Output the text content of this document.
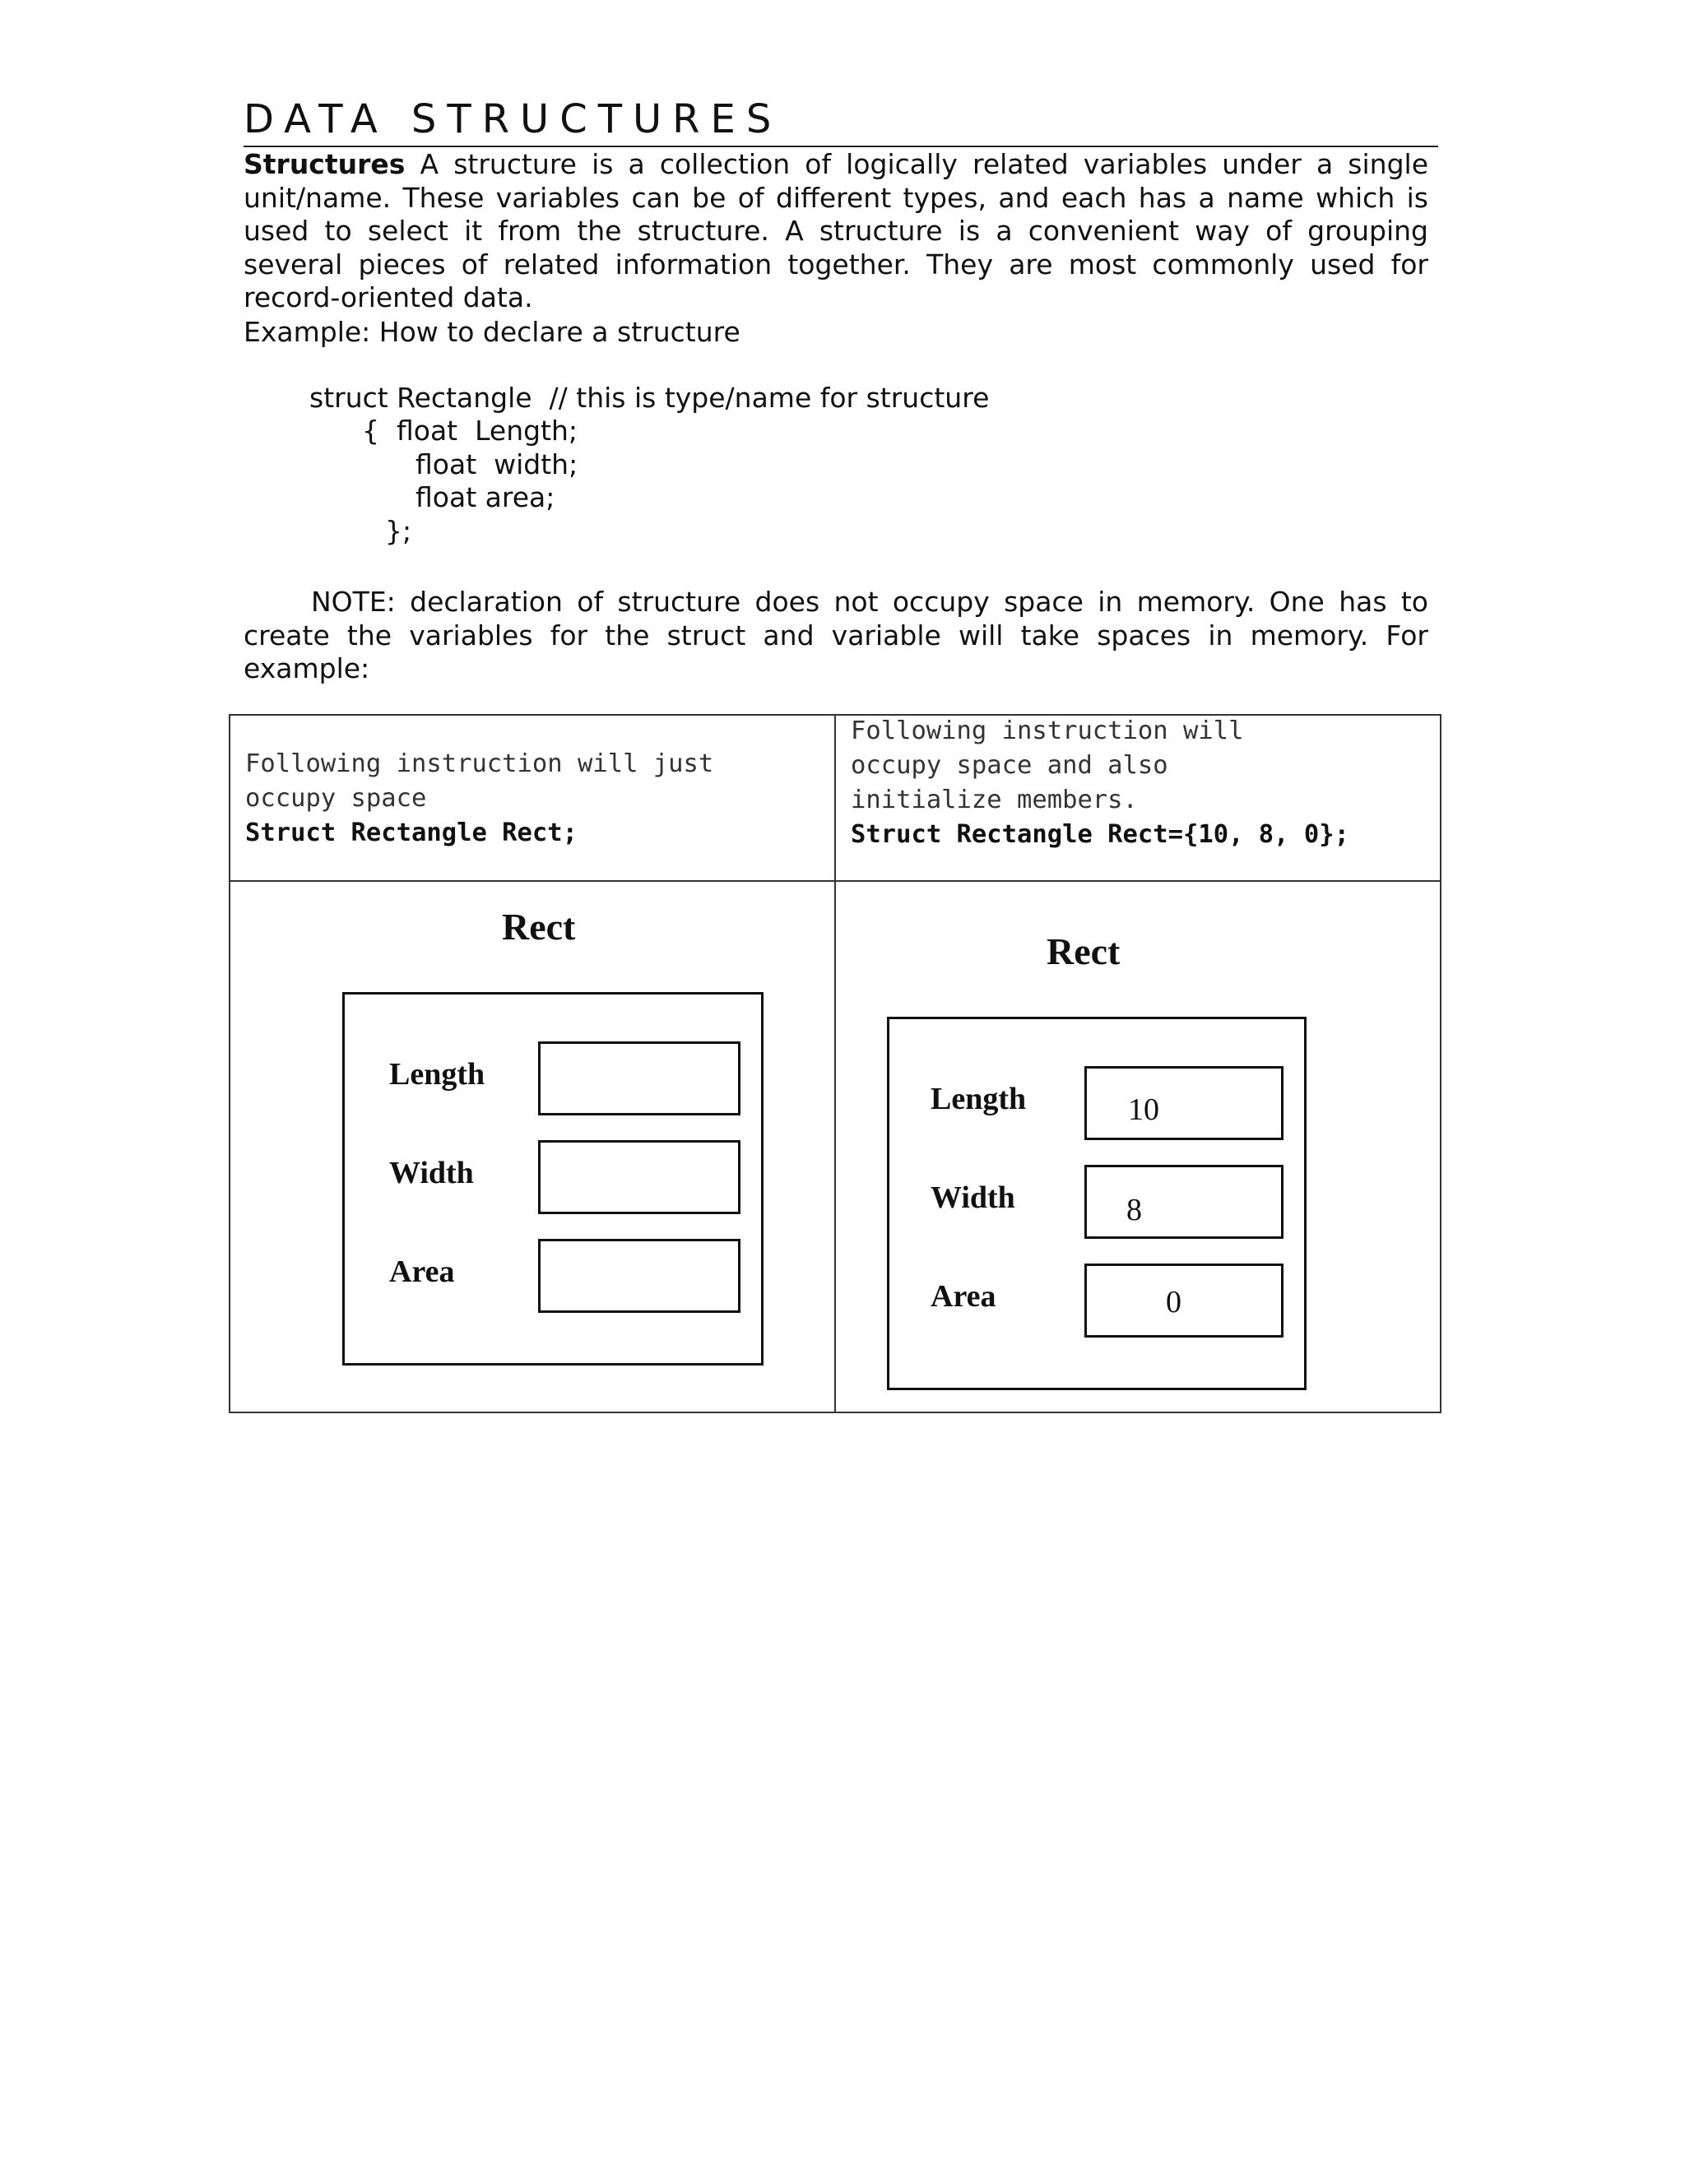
DATA STRUCTURES
Structures A structure is a collection of logically related variables under a single unit/name. These variables can be of different types, and each has a name which is used to select it from the structure. A structure is a convenient way of grouping several pieces of related information together. They are most commonly used for record-oriented data.
Example: How to declare a structure
struct Rectangle  // this is type/name for structure
{  float  Length;
float  width;
float area;
};
NOTE: declaration of structure does not occupy space in memory. One has to create the variables for the struct and variable will take spaces in memory. For example:
Following instruction will just
occupy space
Struct Rectangle Rect;
Following instruction will
occupy space and also
initialize members.
Struct Rectangle Rect={10, 8, 0};
Rect
Length
Width
Area
Rect
Length	10
Width	8
Area	0
